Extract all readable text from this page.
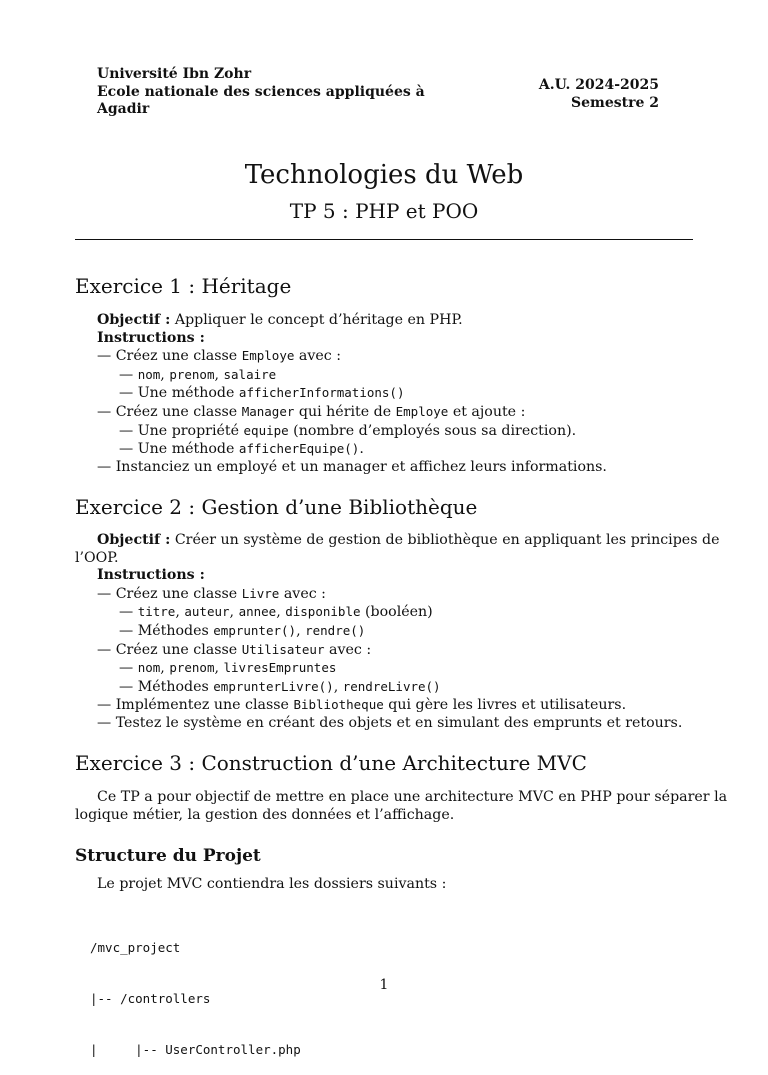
Université Ibn Zohr
Ecole nationale des sciences appliquées à
Agadir
A.U. 2024-2025
Semestre 2
Technologies du Web
TP 5 : PHP et POO
Exercice 1 : Héritage
Objectif : Appliquer le concept d’héritage en PHP.
Instructions :
— Créez une classe Employe avec :
— nom, prenom, salaire
— Une méthode afficherInformations()
— Créez une classe Manager qui hérite de Employe et ajoute :
— Une propriété equipe (nombre d’employés sous sa direction).
— Une méthode afficherEquipe().
— Instanciez un employé et un manager et affichez leurs informations.
Exercice 2 : Gestion d’une Bibliothèque
Objectif : Créer un système de gestion de bibliothèque en appliquant les principes de
l’OOP.
Instructions :
— Créez une classe Livre avec :
— titre, auteur, annee, disponible (booléen)
— Méthodes emprunter(), rendre()
— Créez une classe Utilisateur avec :
— nom, prenom, livresEmpruntes
— Méthodes emprunterLivre(), rendreLivre()
— Implémentez une classe Bibliotheque qui gère les livres et utilisateurs.
— Testez le système en créant des objets et en simulant des emprunts et retours.
Exercice 3 : Construction d’une Architecture MVC
Ce TP a pour objectif de mettre en place une architecture MVC en PHP pour séparer la
logique métier, la gestion des données et l’affichage.
Structure du Projet
Le projet MVC contiendra les dossiers suivants :

/mvc_project

|-- /controllers

|     |-- UserController.php

1
